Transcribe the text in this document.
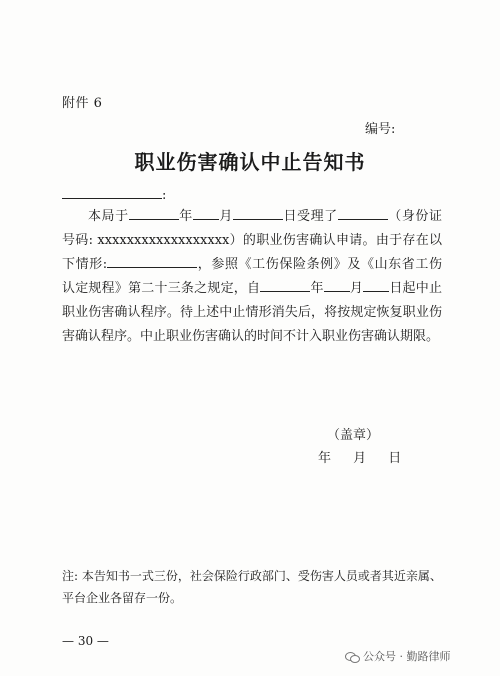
附件 6
编号:
职业伤害确认中止告知书
:

本局于	年 月	日受理了	（身份证号码: xxxxxxxxxxxxxxxxxx）的职业伤害确认申请。由于存在以下情形:	，参照《工伤保险条例》及《山东省工伤认定规程》第二十三条之规定，自	年 月 日起中止职业伤害确认程序。待上述中止情形消失后，将按规定恢复职业伤害确认程序。中止职业伤害确认的时间不计入职业伤害确认期限。

（盖章）
年 月 日
注: 本告知书一式三份，社会保险行政部门、受伤害人员或者其近亲属、平台企业各留存一份。
— 30 —
公众号 · 勤路律师
